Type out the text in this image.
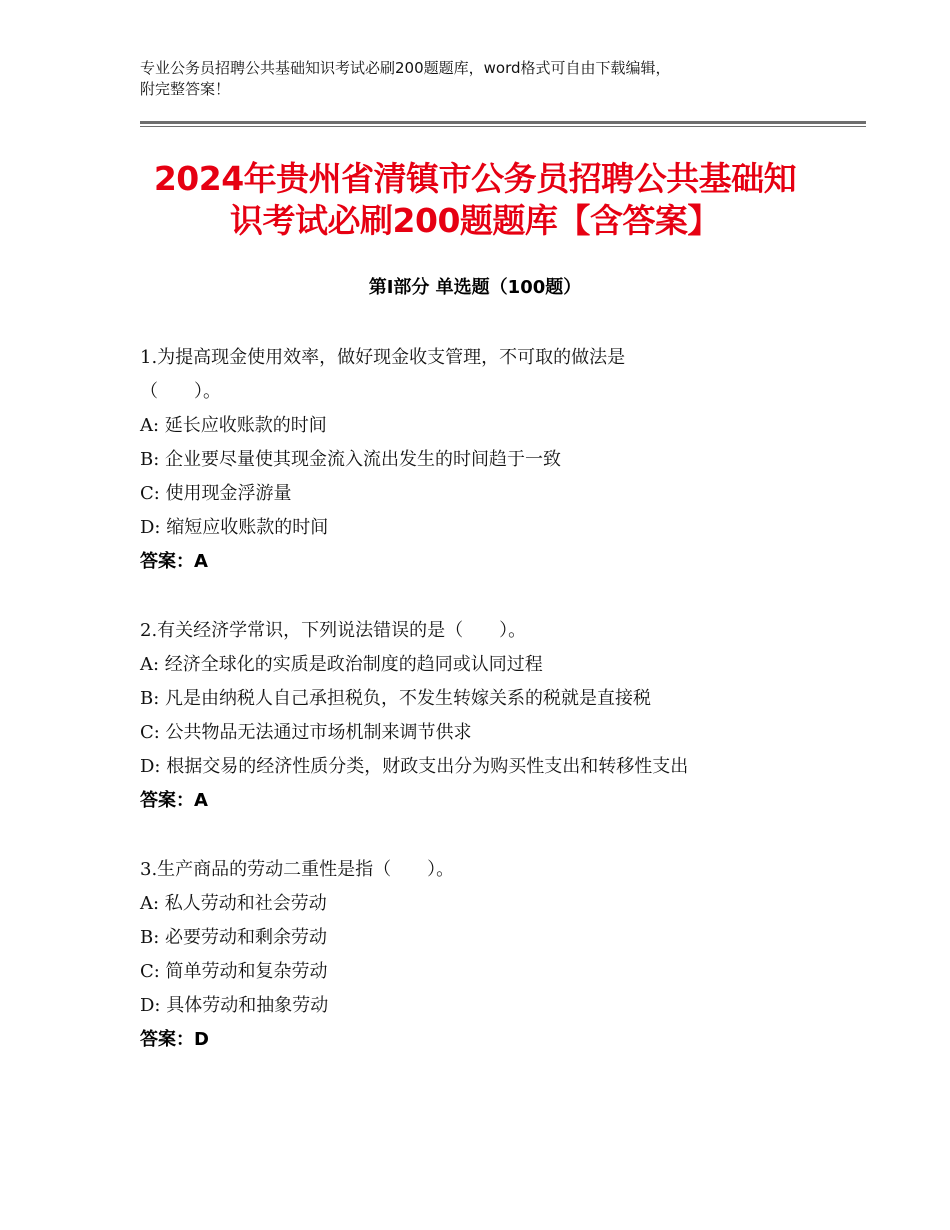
专业公务员招聘公共基础知识考试必刷200题题库，word格式可自由下载编辑，
附完整答案！
2024年贵州省清镇市公务员招聘公共基础知
识考试必刷200题题库【含答案】
第Ⅰ部分 单选题（100题）
1.为提高现金使用效率，做好现金收支管理，不可取的做法是
（　　）。
A: 延长应收账款的时间
B: 企业要尽量使其现金流入流出发生的时间趋于一致
C: 使用现金浮游量
D: 缩短应收账款的时间
答案：A
2.有关经济学常识，下列说法错误的是（　　）。
A: 经济全球化的实质是政治制度的趋同或认同过程
B: 凡是由纳税人自己承担税负，不发生转嫁关系的税就是直接税
C: 公共物品无法通过市场机制来调节供求
D: 根据交易的经济性质分类，财政支出分为购买性支出和转移性支出
答案：A
3.生产商品的劳动二重性是指（　　）。
A: 私人劳动和社会劳动
B: 必要劳动和剩余劳动
C: 简单劳动和复杂劳动
D: 具体劳动和抽象劳动
答案：D
